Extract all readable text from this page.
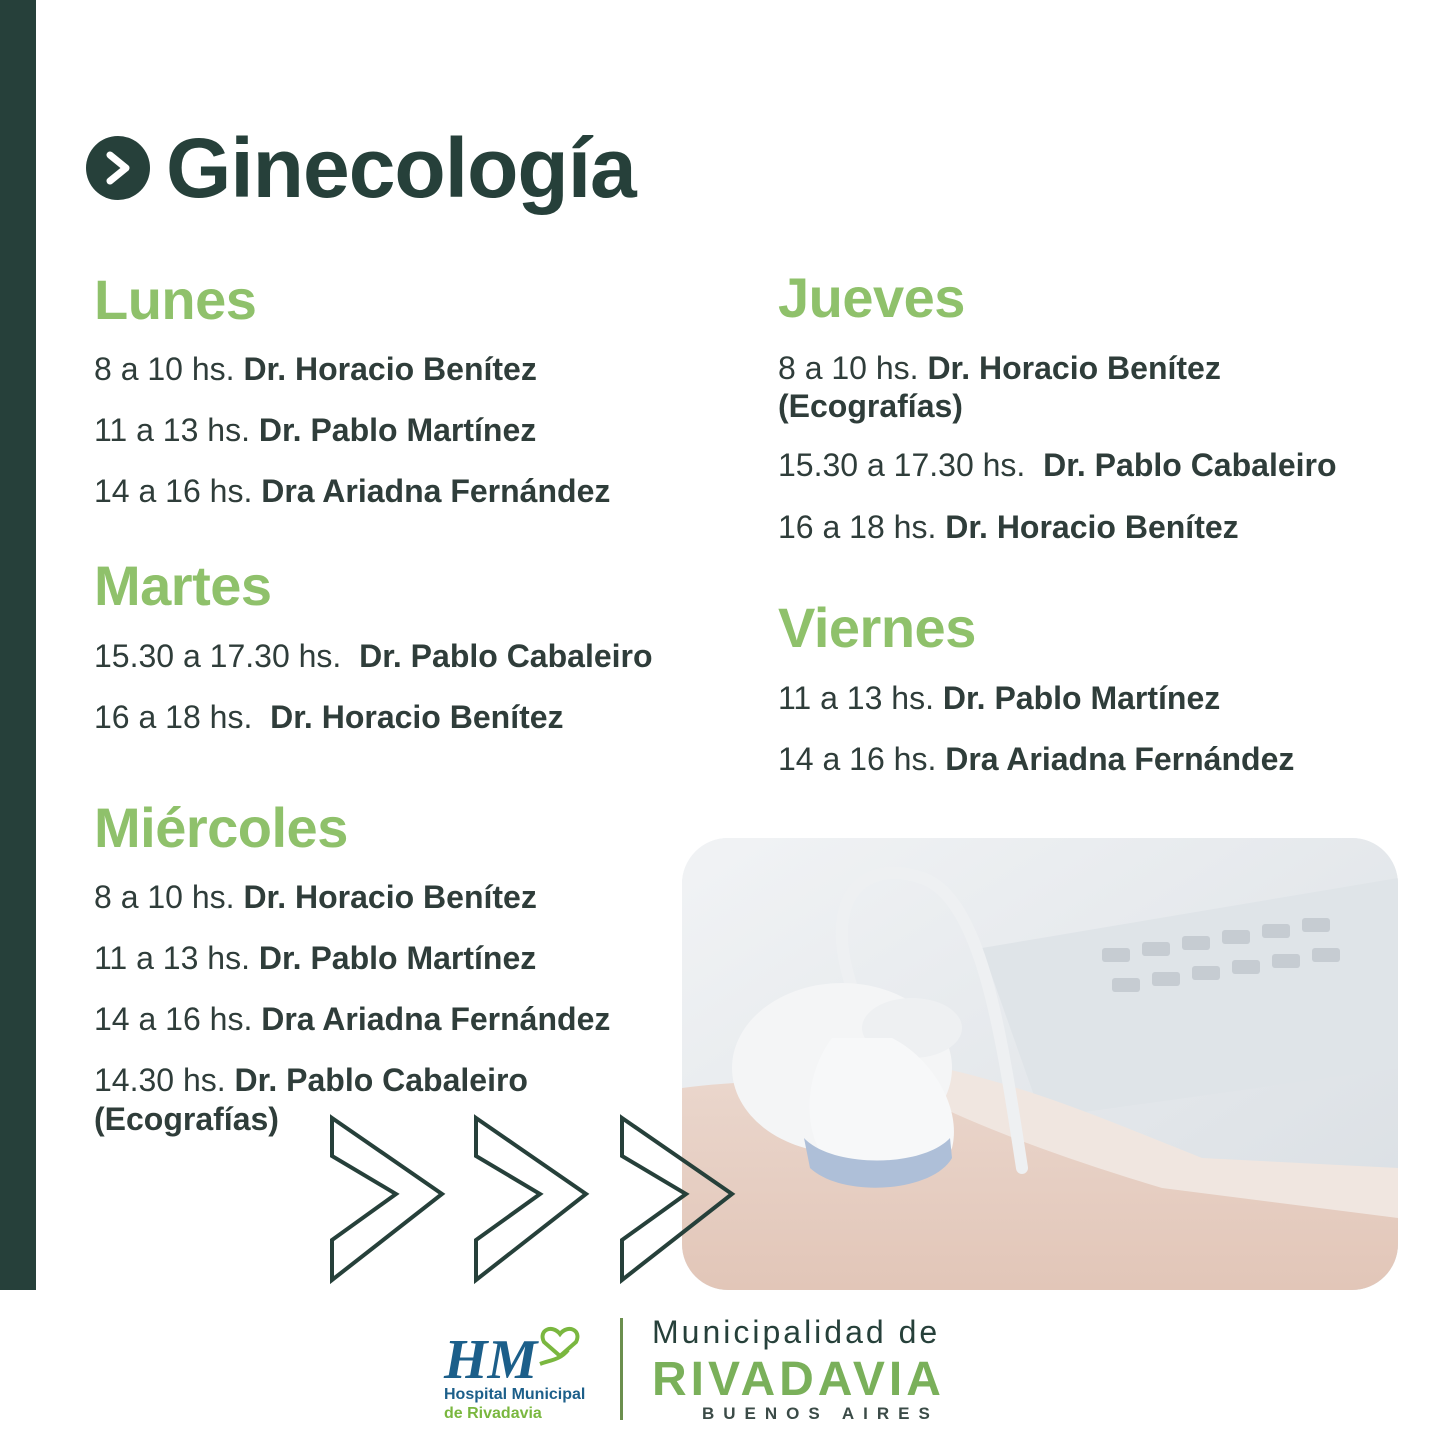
Ginecología
Lunes
8 a 10 hs. Dr. Horacio Benítez
11 a 13 hs. Dr. Pablo Martínez
14 a 16 hs. Dra Ariadna Fernández
Martes
15.30 a 17.30 hs. Dr. Pablo Cabaleiro
16 a 18 hs. Dr. Horacio Benítez
Miércoles
8 a 10 hs. Dr. Horacio Benítez
11 a 13 hs. Dr. Pablo Martínez
14 a 16 hs. Dra Ariadna Fernández
14.30 hs. Dr. Pablo Cabaleiro
(Ecografías)
Jueves
8 a 10 hs. Dr. Horacio Benítez
(Ecografías)
15.30 a 17.30 hs. Dr. Pablo Cabaleiro
16 a 18 hs. Dr. Horacio Benítez
Viernes
11 a 13 hs. Dr. Pablo Martínez
14 a 16 hs. Dra Ariadna Fernández
HM
Hospital Municipal
de Rivadavia
Municipalidad de
RIVADAVIA
BUENOS AIRES
